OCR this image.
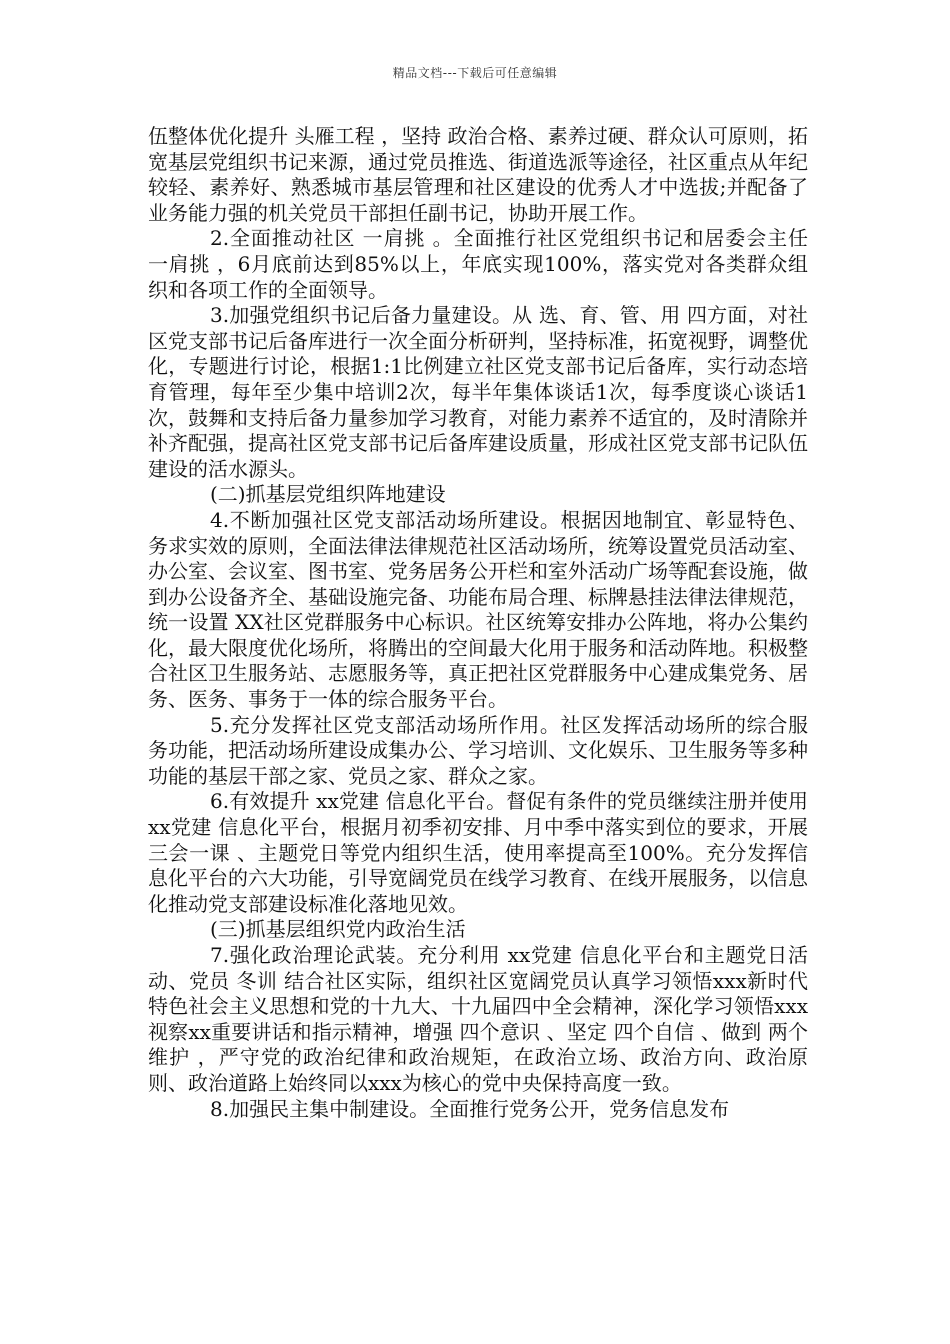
精品文档---下载后可任意编辑

伍整体优化提升 头雁工程 ，坚持 政治合格、素养过硬、群众认可原则，拓宽基层党组织书记来源，通过党员推选、街道选派等途径，社区重点从年纪较轻、素养好、熟悉城市基层管理和社区建设的优秀人才中选拔;并配备了业务能力强的机关党员干部担任副书记，协助开展工作。

2.全面推动社区 一肩挑 。全面推行社区党组织书记和居委会主任 一肩挑 ，6月底前达到85%以上，年底实现100%，落实党对各类群众组织和各项工作的全面领导。

3.加强党组织书记后备力量建设。从 选、育、管、用 四方面，对社区党支部书记后备库进行一次全面分析研判，坚持标准，拓宽视野，调整优化，专题进行讨论，根据1:1比例建立社区党支部书记后备库，实行动态培育管理，每年至少集中培训2次，每半年集体谈话1次，每季度谈心谈话1次，鼓舞和支持后备力量参加学习教育，对能力素养不适宜的，及时清除并补齐配强，提高社区党支部书记后备库建设质量，形成社区党支部书记队伍建设的活水源头。

(二)抓基层党组织阵地建设

4.不断加强社区党支部活动场所建设。根据因地制宜、彰显特色、务求实效的原则，全面法律法律规范社区活动场所，统筹设置党员活动室、办公室、会议室、图书室、党务居务公开栏和室外活动广场等配套设施，做到办公设备齐全、基础设施完备、功能布局合理、标牌悬挂法律法律规范，统一设置 XX社区党群服务中心标识。社区统筹安排办公阵地，将办公集约化，最大限度优化场所，将腾出的空间最大化用于服务和活动阵地。积极整合社区卫生服务站、志愿服务等，真正把社区党群服务中心建成集党务、居务、医务、事务于一体的综合服务平台。

5.充分发挥社区党支部活动场所作用。社区发挥活动场所的综合服务功能，把活动场所建设成集办公、学习培训、文化娱乐、卫生服务等多种功能的基层干部之家、党员之家、群众之家。

6.有效提升 xx党建 信息化平台。督促有条件的党员继续注册并使用 xx党建 信息化平台，根据月初季初安排、月中季中落实到位的要求，开展 三会一课 、主题党日等党内组织生活，使用率提高至100%。充分发挥信息化平台的六大功能，引导宽阔党员在线学习教育、在线开展服务，以信息化推动党支部建设标准化落地见效。

(三)抓基层组织党内政治生活

7.强化政治理论武装。充分利用 xx党建 信息化平台和主题党日活动、党员 冬训 结合社区实际，组织社区宽阔党员认真学习领悟xxx新时代特色社会主义思想和党的十九大、十九届四中全会精神，深化学习领悟xxx视察xx重要讲话和指示精神，增强 四个意识 、坚定 四个自信 、做到 两个维护 ，严守党的政治纪律和政治规矩，在政治立场、政治方向、政治原则、政治道路上始终同以xxx为核心的党中央保持高度一致。

8.加强民主集中制建设。全面推行党务公开，党务信息发布
